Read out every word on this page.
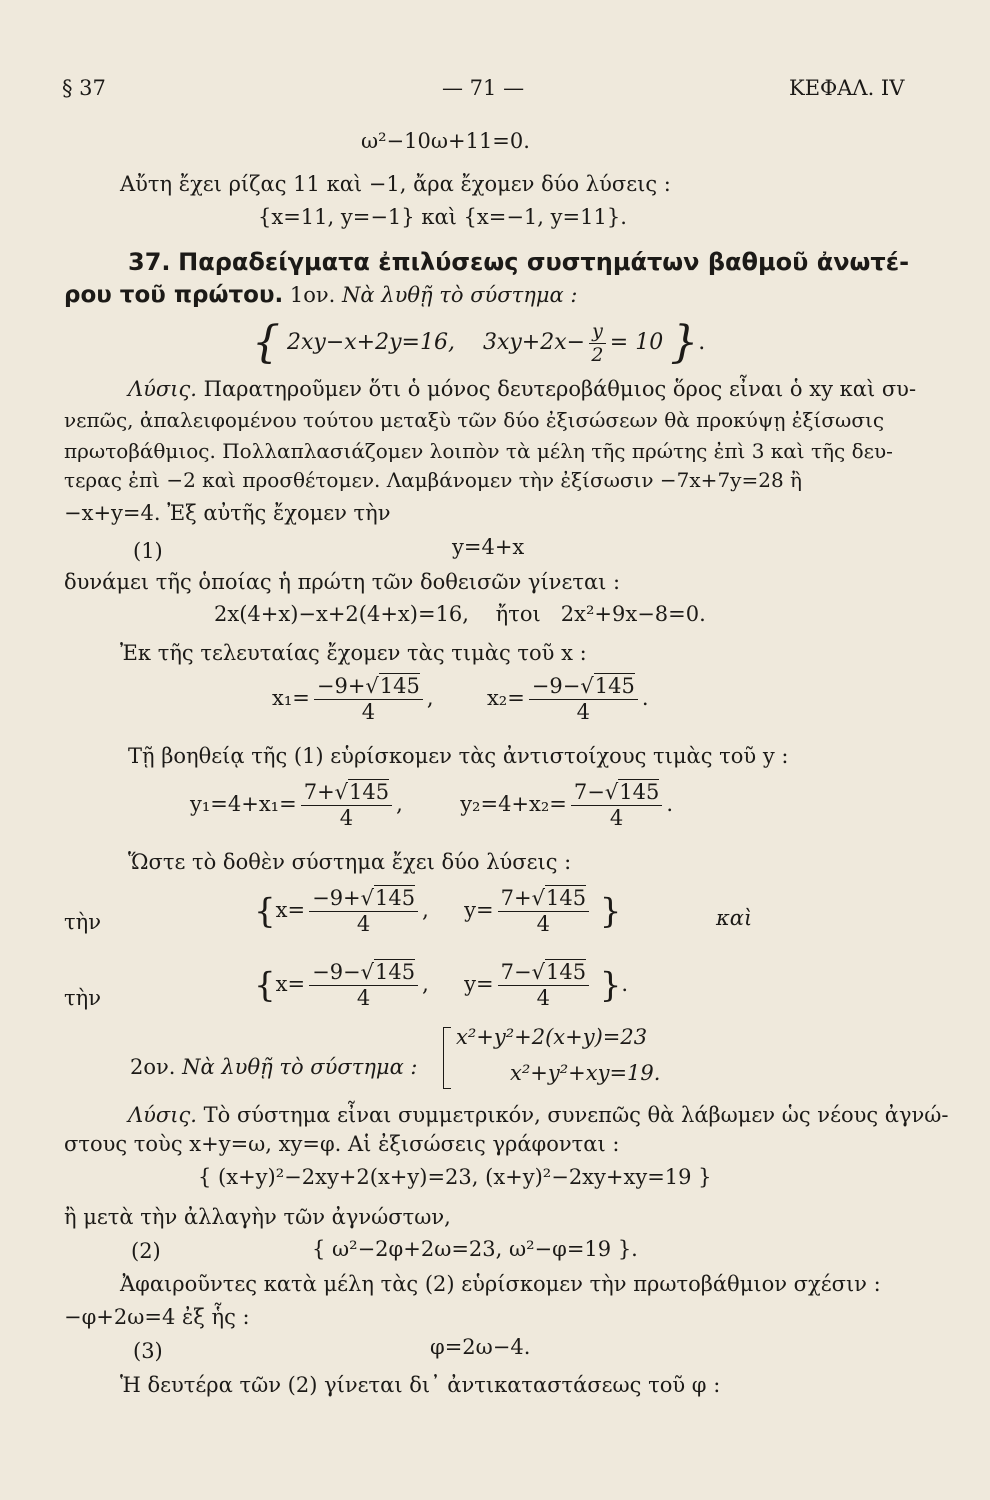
§ 37	— 71 —	ΚΕΦΑΛ. IV
ω²−10ω+11=0.
Αὔτη ἔχει ρίζας 11 καὶ −1, ἄρα ἔχομεν δύο λύσεις :
{x=11, y=−1} καὶ {x=−1, y=11}.
37. Παραδείγματα ἐπιλύσεως συστημάτων βαθμοῦ ἀνωτέ-
ρου τοῦ πρώτου. 1ον. Νὰ λυθῇ τὸ σύστημα :
{ 2xy−x+2y=16, $3xy+2x- \frac{y}{2} = 10$ }.
Λύσις. Παρατηροῦμεν ὅτι ὁ μόνος δευτεροβάθμιος ὅρος εἶναι ὁ xy καὶ συ-
νεπῶς, ἀπαλειφομένου τούτου μεταξὺ τῶν δύο ἐξισώσεων θὰ προκύψῃ ἐξίσωσις
πρωτοβάθμιος. Πολλαπλασιάζομεν λοιπὸν τὰ μέλη τῆς πρώτης ἐπὶ 3 καὶ τῆς δευ-
τερας ἐπὶ −2 καὶ προσθέτομεν. Λαμβάνομεν τὴν ἐξίσωσιν −7x+7y=28 ἢ
−x+y=4. Ἐξ αὐτῆς ἔχομεν τὴν
(1)	y=4+x
δυνάμει τῆς ὁποίας ἡ πρώτη τῶν δοθεισῶν γίνεται :
2x(4+x)−x+2(4+x)=16, ἤτοι 2x²+9x−8=0.
Ἐκ τῆς τελευταίας ἔχομεν τὰς τιμὰς τοῦ x :
$x_1= \frac{-9+√145}{4}$ ,  $x_2= \frac{-9-√145}{4}$ .
Τῇ βοηθείᾳ τῆς (1) εὑρίσκομεν τὰς ἀντιστοίχους τιμὰς τοῦ y :
$y_1=4+x_1= \frac{7+√145}{4}$ ,  $y_2=4+x_2= \frac{7-√145}{4}$ .
Ὥστε τὸ δοθὲν σύστημα ἔχει δύο λύσεις :
τὴν	{$x= \frac{-9+√145}{4}$ ,  $y= \frac{7+√145}{4}$ }	καὶ
τὴν	{$x= \frac{-9-√145}{4}$ ,  $y= \frac{7-√145}{4}$ }.
2ον. Νὰ λυθῇ τὸ σύστημα :
x²+y²+2(x+y)=23
x²+y²+xy=19.
Λύσις. Τὸ σύστημα εἶναι συμμετρικόν, συνεπῶς θὰ λάβωμεν ὡς νέους ἀγνώ-
στους τοὺς x+y=ω, xy=φ. Αἱ ἐξισώσεις γράφονται :
{ (x+y)²−2xy+2(x+y)=23, (x+y)²−2xy+xy=19 }
ἢ μετὰ τὴν ἀλλαγὴν τῶν ἀγνώστων,
(2)	{ ω²−2φ+2ω=23, ω²−φ=19 }.
Ἀφαιροῦντες κατὰ μέλη τὰς (2) εὑρίσκομεν τὴν πρωτοβάθμιον σχέσιν :
−φ+2ω=4 ἐξ ἧς :
(3)	φ=2ω−4.
Ἡ δευτέρα τῶν (2) γίνεται δι᾽ ἀντικαταστάσεως τοῦ φ :
